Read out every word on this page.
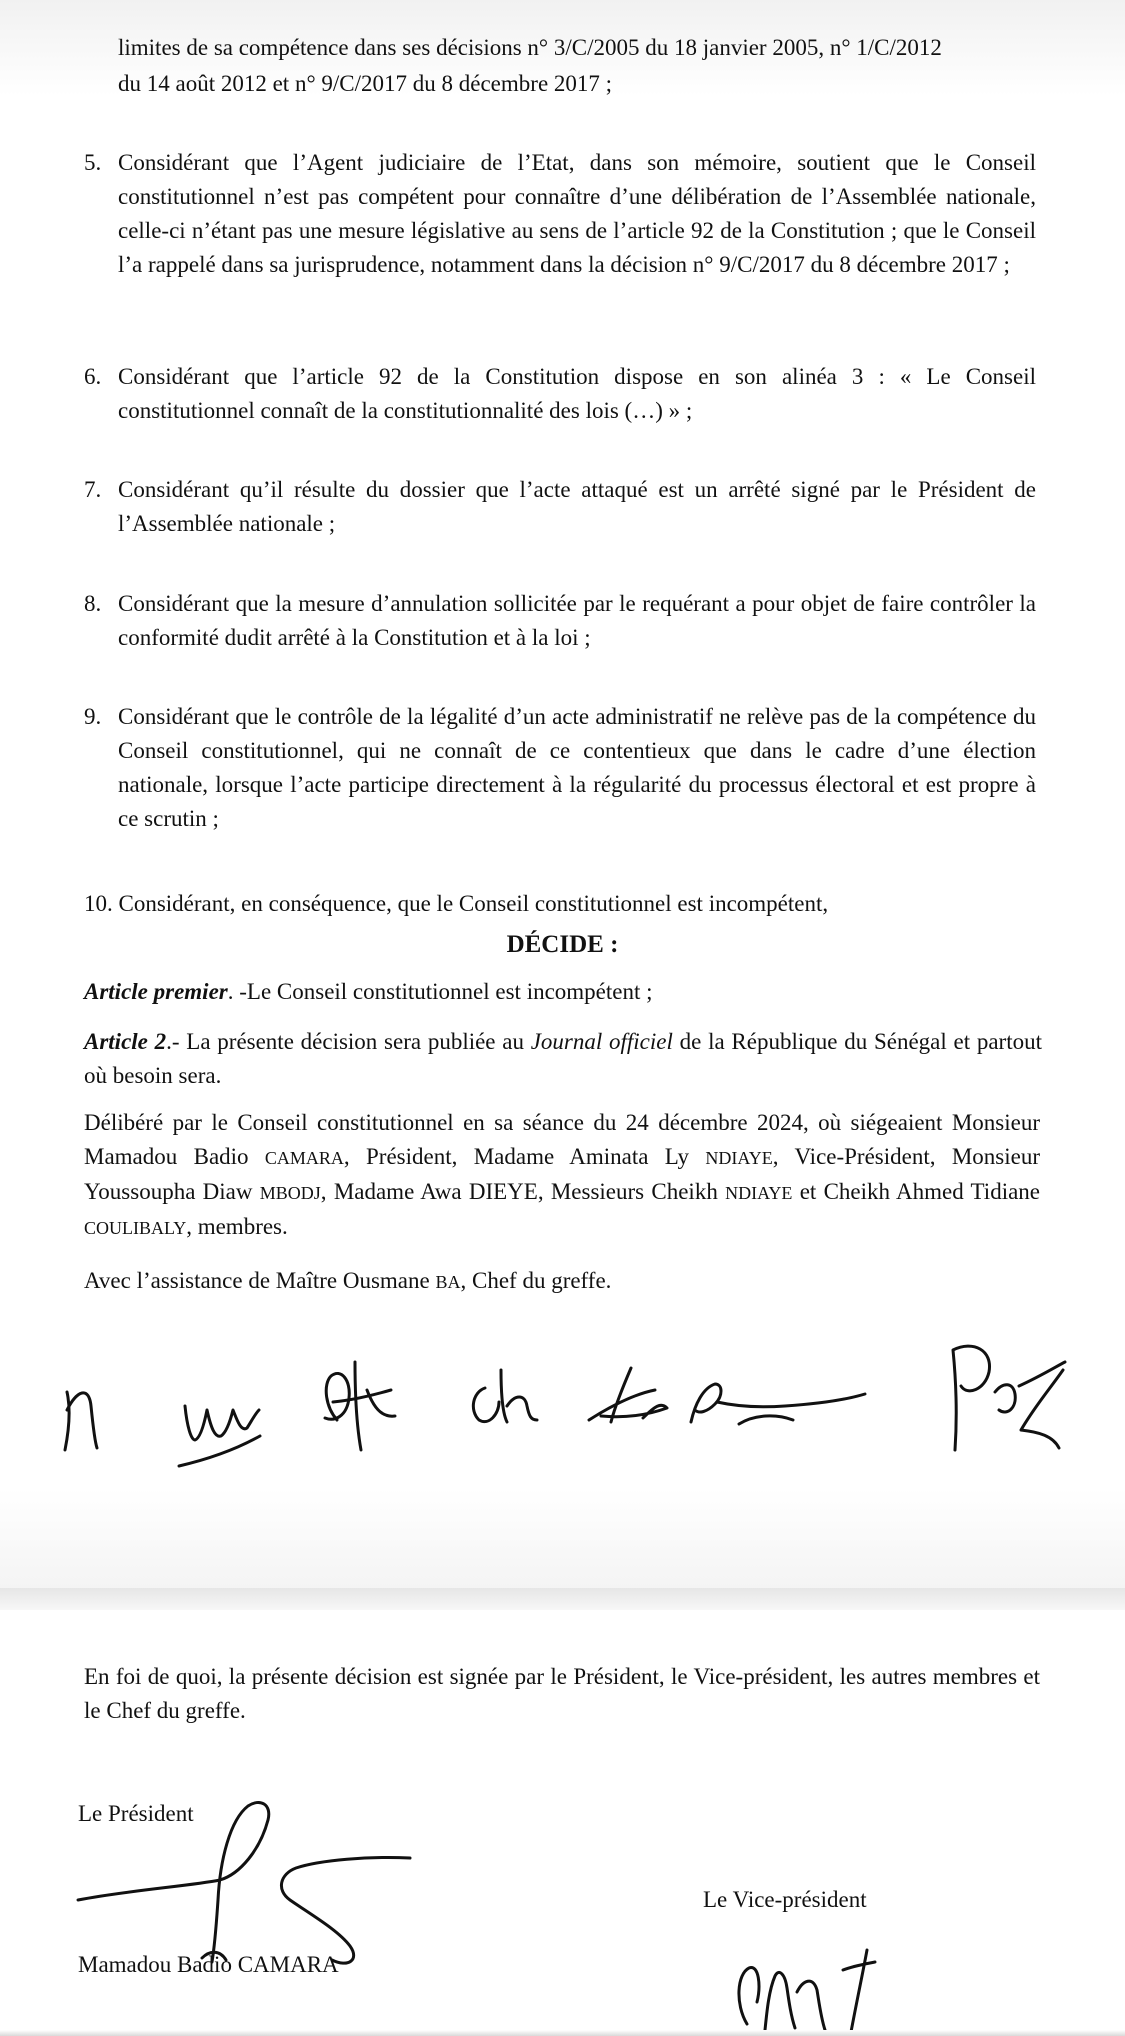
limites de sa compétence dans ses décisions n° 3/C/2005 du 18 janvier 2005, n° 1/C/2012

du 14 août 2012 et n° 9/C/2017 du 8 décembre 2017 ;

5. Considérant que l’Agent judiciaire de l’Etat, dans son mémoire, soutient que le Conseil constitutionnel n’est pas compétent pour connaître d’une délibération de l’Assemblée nationale, celle-ci n’étant pas une mesure législative au sens de l’article 92 de la Constitution ; que le Conseil l’a rappelé dans sa jurisprudence, notamment dans la décision n° 9/C/2017 du 8 décembre 2017 ;

6. Considérant que l’article 92 de la Constitution dispose en son alinéa 3 : « Le Conseil constitutionnel connaît de la constitutionnalité des lois (…) » ;

7. Considérant qu’il résulte du dossier que l’acte attaqué est un arrêté signé par le Président de l’Assemblée nationale ;

8. Considérant que la mesure d’annulation sollicitée par le requérant a pour objet de faire contrôler la conformité dudit arrêté à la Constitution et à la loi ;

9. Considérant que le contrôle de la légalité d’un acte administratif ne relève pas de la compétence du Conseil constitutionnel, qui ne connaît de ce contentieux que dans le cadre d’une élection nationale, lorsque l’acte participe directement à la régularité du processus électoral et est propre à ce scrutin ;

10. Considérant, en conséquence, que le Conseil constitutionnel est incompétent,

DÉCIDE :

Article premier. -Le Conseil constitutionnel est incompétent ;

Article 2.- La présente décision sera publiée au Journal officiel de la République du Sénégal et partout où besoin sera.

Délibéré par le Conseil constitutionnel en sa séance du 24 décembre 2024, où siégeaient Monsieur Mamadou Badio CAMARA, Président, Madame Aminata Ly NDIAYE, Vice-Président, Monsieur Youssoupha Diaw MBODJ, Madame Awa DIEYE, Messieurs Cheikh NDIAYE et Cheikh Ahmed Tidiane COULIBALY, membres.

Avec l’assistance de Maître Ousmane BA, Chef du greffe.

En foi de quoi, la présente décision est signée par le Président, le Vice-président, les autres membres et le Chef du greffe.

Le Président

Mamadou Badio CAMARA

Le Vice-président
